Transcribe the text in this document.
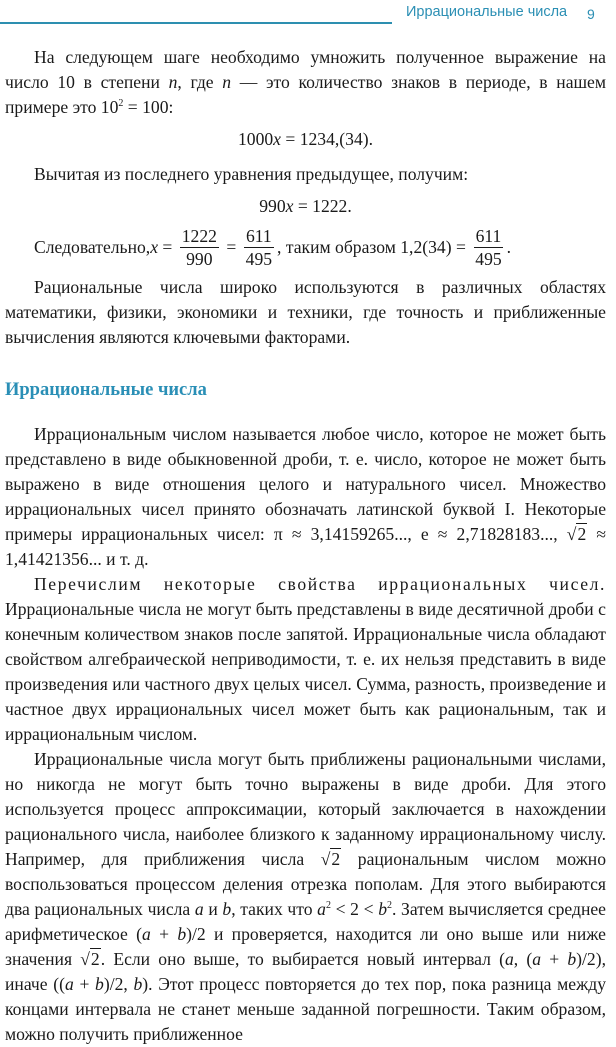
Иррациональные числа 9

На следующем шаге необходимо умножить полученное выражение на число 10 в степени n, где n — это количество знаков в периоде, в нашем примере это $10^2 = 100$:

1000x = 1234,(34).

Вычитая из последнего уравнения предыдущее, получим:

990x = 1222.
Следовательно, $x = \frac{1222}{990} = \frac{611}{495}$ , таким образом $1,2(34) = \frac{611}{495}$ .

Рациональные числа широко используются в различных областях математики, физики, экономики и техники, где точность и приближенные вычисления являются ключевыми факторами.

Иррациональные числа

Иррациональным числом называется любое число, которое не может быть представлено в виде обыкновенной дроби, т. е. число, которое не может быть выражено в виде отношения целого и натурального чисел. Множество иррациональных чисел принято обозначать латинской буквой I. Некоторые примеры иррациональных чисел: π ≈ 3,14159265..., e ≈ 2,71828183..., √2 ≈ 1,41421356... и т. д.

Перечислим некоторые свойства иррациональных чисел. Иррациональные числа не могут быть представлены в виде десятичной дроби с конечным количеством знаков после запятой. Иррациональные числа обладают свойством алгебраической неприводимости, т. е. их нельзя представить в виде произведения или частного двух целых чисел. Сумма, разность, произведение и частное двух иррациональных чисел может быть как рациональным, так и иррациональным числом.

Иррациональные числа могут быть приближены рациональными числами, но никогда не могут быть точно выражены в виде дроби. Для этого используется процесс аппроксимации, который заключается в нахождении рационального числа, наиболее близкого к заданному иррациональному числу. Например, для приближения числа √2 рациональным числом можно воспользоваться процессом деления отрезка пополам. Для этого выбираются два рациональных числа a и b, таких что $a^2 < 2 < b^2$. Затем вычисляется среднее арифметическое (a + b)/2 и проверяется, находится ли оно выше или ниже значения √2. Если оно выше, то выбирается новый интервал (a, (a + b)/2), иначе ((a + b)/2, b). Этот процесс повторяется до тех пор, пока разница между концами интервала не станет меньше заданной погрешности. Таким образом, можно получить приближенное
